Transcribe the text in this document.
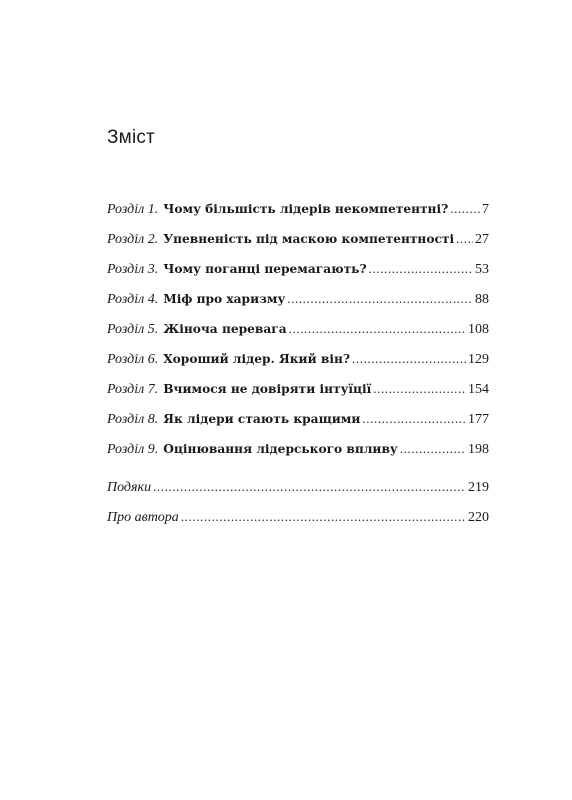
Зміст
Розділ 1. Чому більшість лідерів некомпетентні? ..... 7
Розділ 2. Упевненість під маскою компетентності ..... 27
Розділ 3. Чому поганці перемагають? .....	53
Розділ 4. Міф про харизму .....	88
Розділ 5. Жіноча перевага .....	108
Розділ 6. Хороший лідер. Який він? .....	129
Розділ 7. Вчимося не довіряти інтуїції .....	154
Розділ 8. Як лідери стають кращими .....	177
Розділ 9. Оцінювання лідерського впливу .....	198
Подяки .....	219
Про автора .....	220
